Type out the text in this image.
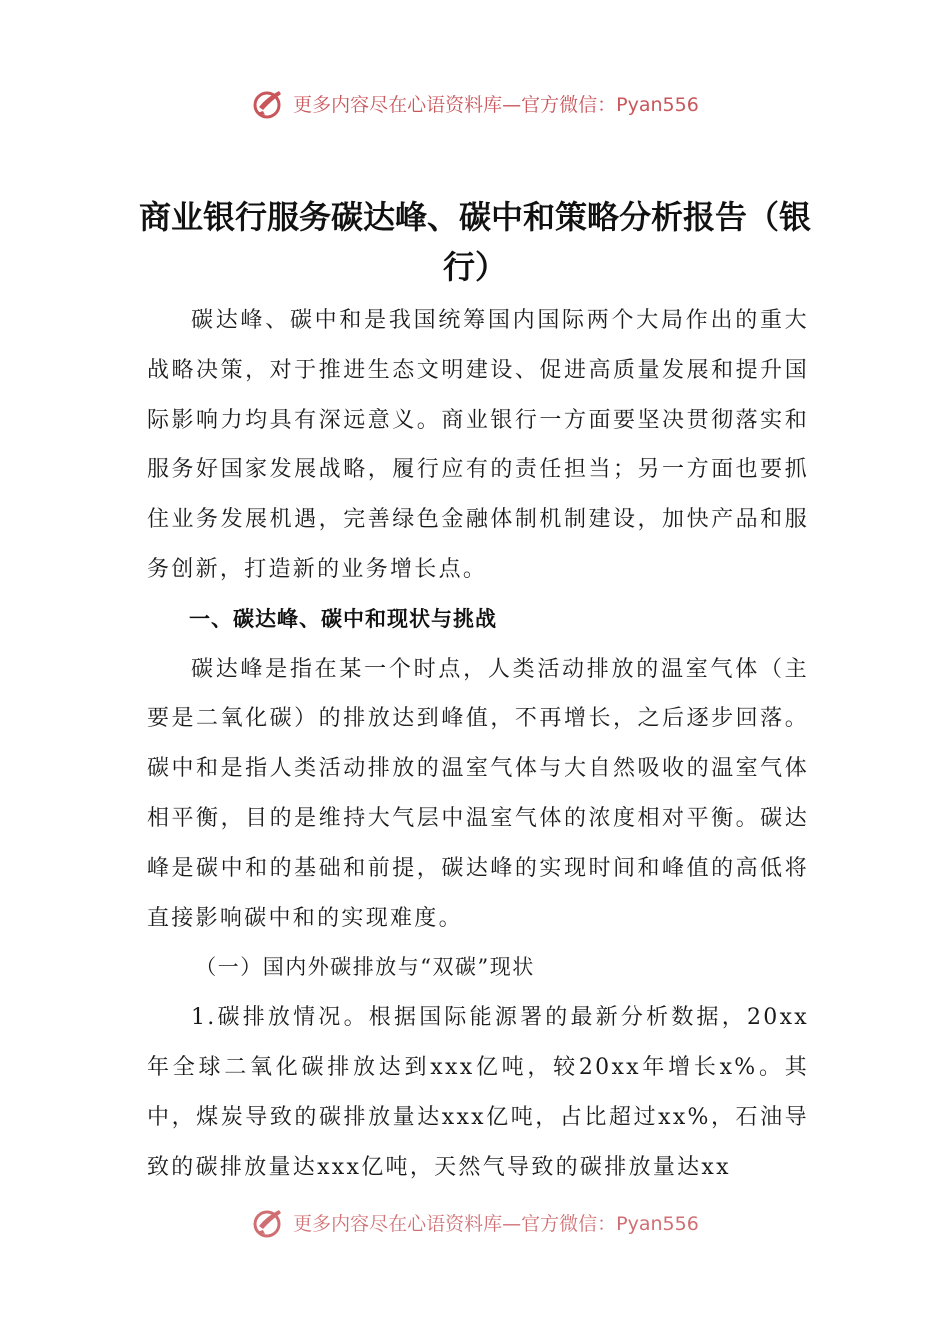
更多内容尽在心语资料库—官方微信：Pyan556
商业银行服务碳达峰、碳中和策略分析报告（银行）

碳达峰、碳中和是我国统筹国内国际两个大局作出的重大战略决策，对于推进生态文明建设、促进高质量发展和提升国际影响力均具有深远意义。商业银行一方面要坚决贯彻落实和服务好国家发展战略，履行应有的责任担当；另一方面也要抓住业务发展机遇，完善绿色金融体制机制建设，加快产品和服务创新，打造新的业务增长点。

一、碳达峰、碳中和现状与挑战

碳达峰是指在某一个时点，人类活动排放的温室气体（主要是二氧化碳）的排放达到峰值，不再增长，之后逐步回落。碳中和是指人类活动排放的温室气体与大自然吸收的温室气体相平衡，目的是维持大气层中温室气体的浓度相对平衡。碳达峰是碳中和的基础和前提，碳达峰的实现时间和峰值的高低将直接影响碳中和的实现难度。

（一）国内外碳排放与“双碳”现状

1.碳排放情况。根据国际能源署的最新分析数据，20xx年全球二氧化碳排放达到xxx亿吨，较20xx年增长x%。其中，煤炭导致的碳排放量达xxx亿吨，占比超过xx%，石油导致的碳排放量达xxx亿吨，天然气导致的碳排放量达xx

更多内容尽在心语资料库—官方微信：Pyan556
